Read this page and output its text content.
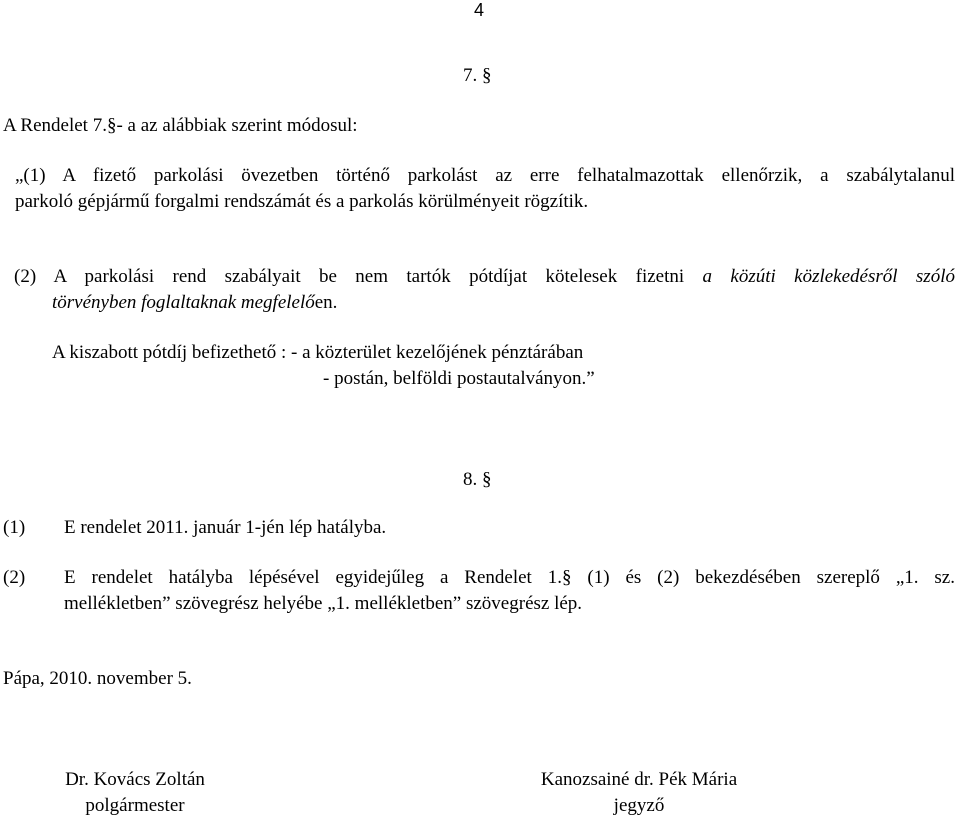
4
7. §
A Rendelet 7.§- a az alábbiak szerint módosul:
„(1) A fizető parkolási övezetben történő parkolást az erre felhatalmazottak ellenőrzik, a szabálytalanul
parkoló gépjármű forgalmi rendszámát és a parkolás körülményeit rögzítik.
(2) A parkolási rend szabályait be nem tartók pótdíjat kötelesek fizetni a közúti közlekedésről szóló
törvényben foglaltaknak megfelelően.
A kiszabott pótdíj befizethető : - a közterület kezelőjének pénztárában
- postán, belföldi postautalványon.”
8. §
(1) E rendelet 2011. január 1-jén lép hatályba.
(2) E rendelet hatályba lépésével egyidejűleg a Rendelet 1.§ (1) és (2) bekezdésében szereplő „1. sz.
mellékletben” szövegrész helyébe „1. mellékletben” szövegrész lép.
Pápa, 2010. november 5.
Dr. Kovács Zoltán
polgármester
Kanozsainé dr. Pék Mária
jegyző
